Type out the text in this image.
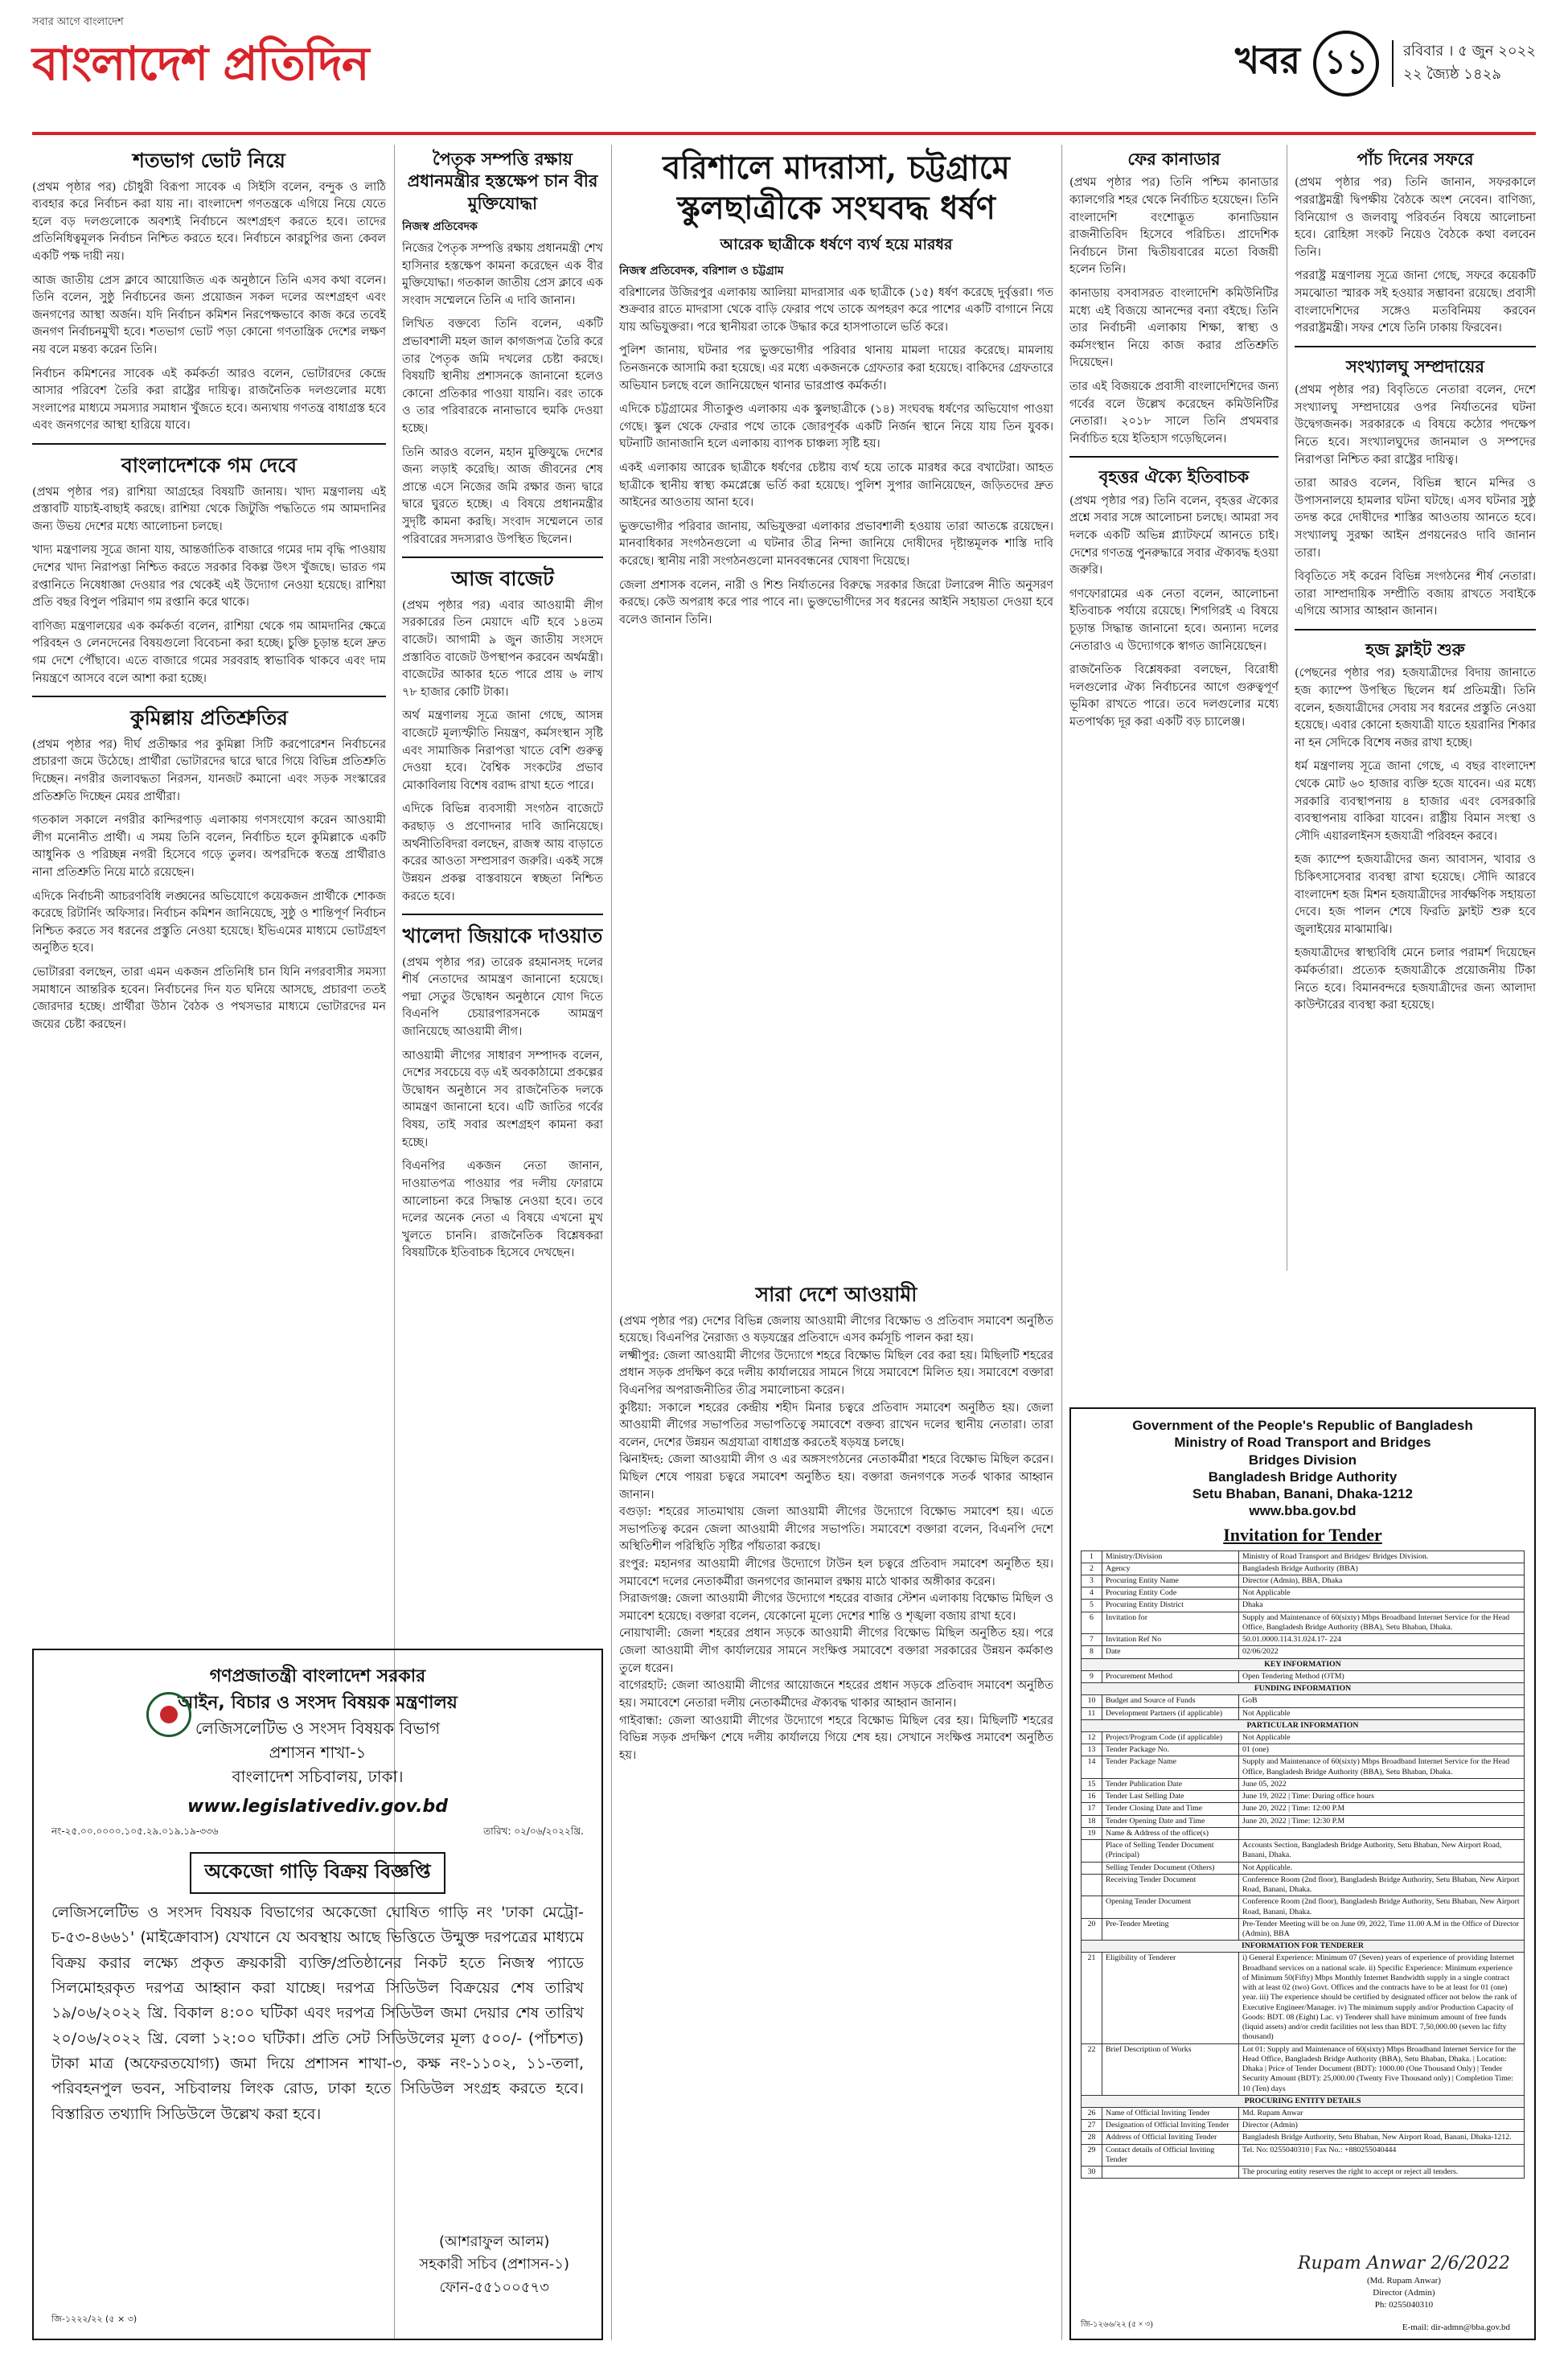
সবার আগে বাংলাদেশ
বাংলাদেশ প্রতিদিন	খবর ১১	রবিবার । ৫ জুন ২০২২
২২ জ্যৈষ্ঠ ১৪২৯
শতভাগ ভোট নিয়ে

(প্রথম পৃষ্ঠার পর) চৌধুরী বিরূপা সাবেক এ সিইসি বলেন, বন্দুক ও লাঠি ব্যবহার করে নির্বাচন করা যায় না। বাংলাদেশ গণতন্ত্রকে এগিয়ে নিয়ে যেতে হলে বড় দলগুলোকে অবশ্যই নির্বাচনে অংশগ্রহণ করতে হবে। তাদের প্রতিনিধিত্বমূলক নির্বাচন নিশ্চিত করতে হবে। নির্বাচনে কারচুপির জন্য কেবল একটি পক্ষ দায়ী নয়।

আজ জাতীয় প্রেস ক্লাবে আয়োজিত এক অনুষ্ঠানে তিনি এসব কথা বলেন। তিনি বলেন, সুষ্ঠু নির্বাচনের জন্য প্রয়োজন সকল দলের অংশগ্রহণ এবং জনগণের আস্থা অর্জন। যদি নির্বাচন কমিশন নিরপেক্ষভাবে কাজ করে তবেই জনগণ নির্বাচনমুখী হবে। শতভাগ ভোট পড়া কোনো গণতান্ত্রিক দেশের লক্ষণ নয় বলে মন্তব্য করেন তিনি।

নির্বাচন কমিশনের সাবেক এই কর্মকর্তা আরও বলেন, ভোটারদের কেন্দ্রে আসার পরিবেশ তৈরি করা রাষ্ট্রের দায়িত্ব। রাজনৈতিক দলগুলোর মধ্যে সংলাপের মাধ্যমে সমস্যার সমাধান খুঁজতে হবে। অন্যথায় গণতন্ত্র বাধাগ্রস্ত হবে এবং জনগণের আস্থা হারিয়ে যাবে।

বাংলাদেশকে গম দেবে

(প্রথম পৃষ্ঠার পর) রাশিয়া আগ্রহের বিষয়টি জানায়। খাদ্য মন্ত্রণালয় এই প্রস্তাবটি যাচাই-বাছাই করছে। রাশিয়া থেকে জিটুজি পদ্ধতিতে গম আমদানির জন্য উভয় দেশের মধ্যে আলোচনা চলছে।

খাদ্য মন্ত্রণালয় সূত্রে জানা যায়, আন্তর্জাতিক বাজারে গমের দাম বৃদ্ধি পাওয়ায় দেশের খাদ্য নিরাপত্তা নিশ্চিত করতে সরকার বিকল্প উৎস খুঁজছে। ভারত গম রপ্তানিতে নিষেধাজ্ঞা দেওয়ার পর থেকেই এই উদ্যোগ নেওয়া হয়েছে। রাশিয়া প্রতি বছর বিপুল পরিমাণ গম রপ্তানি করে থাকে।

বাণিজ্য মন্ত্রণালয়ের এক কর্মকর্তা বলেন, রাশিয়া থেকে গম আমদানির ক্ষেত্রে পরিবহন ও লেনদেনের বিষয়গুলো বিবেচনা করা হচ্ছে। চুক্তি চূড়ান্ত হলে দ্রুত গম দেশে পৌঁছাবে। এতে বাজারে গমের সরবরাহ স্বাভাবিক থাকবে এবং দাম নিয়ন্ত্রণে আসবে বলে আশা করা হচ্ছে।

কুমিল্লায় প্রতিশ্রুতির

(প্রথম পৃষ্ঠার পর) দীর্ঘ প্রতীক্ষার পর কুমিল্লা সিটি করপোরেশন নির্বাচনের প্রচারণা জমে উঠেছে। প্রার্থীরা ভোটারদের দ্বারে দ্বারে গিয়ে বিভিন্ন প্রতিশ্রুতি দিচ্ছেন। নগরীর জলাবদ্ধতা নিরসন, যানজট কমানো এবং সড়ক সংস্কারের প্রতিশ্রুতি দিচ্ছেন মেয়র প্রার্থীরা।

গতকাল সকালে নগরীর কান্দিরপাড় এলাকায় গণসংযোগ করেন আওয়ামী লীগ মনোনীত প্রার্থী। এ সময় তিনি বলেন, নির্বাচিত হলে কুমিল্লাকে একটি আধুনিক ও পরিচ্ছন্ন নগরী হিসেবে গড়ে তুলব। অপরদিকে স্বতন্ত্র প্রার্থীরাও নানা প্রতিশ্রুতি নিয়ে মাঠে রয়েছেন।

এদিকে নির্বাচনী আচরণবিধি লঙ্ঘনের অভিযোগে কয়েকজন প্রার্থীকে শোকজ করেছে রিটার্নিং অফিসার। নির্বাচন কমিশন জানিয়েছে, সুষ্ঠু ও শান্তিপূর্ণ নির্বাচন নিশ্চিত করতে সব ধরনের প্রস্তুতি নেওয়া হয়েছে। ইভিএমের মাধ্যমে ভোটগ্রহণ অনুষ্ঠিত হবে।

ভোটাররা বলছেন, তারা এমন একজন প্রতিনিধি চান যিনি নগরবাসীর সমস্যা সমাধানে আন্তরিক হবেন। নির্বাচনের দিন যত ঘনিয়ে আসছে, প্রচারণা ততই জোরদার হচ্ছে। প্রার্থীরা উঠান বৈঠক ও পথসভার মাধ্যমে ভোটারদের মন জয়ের চেষ্টা করছেন।

পৈতৃক সম্পত্তি রক্ষায় প্রধানমন্ত্রীর হস্তক্ষেপ চান বীর মুক্তিযোদ্ধা
নিজস্ব প্রতিবেদক

নিজের পৈতৃক সম্পত্তি রক্ষায় প্রধানমন্ত্রী শেখ হাসিনার হস্তক্ষেপ কামনা করেছেন এক বীর মুক্তিযোদ্ধা। গতকাল জাতীয় প্রেস ক্লাবে এক সংবাদ সম্মেলনে তিনি এ দাবি জানান।

লিখিত বক্তব্যে তিনি বলেন, একটি প্রভাবশালী মহল জাল কাগজপত্র তৈরি করে তার পৈতৃক জমি দখলের চেষ্টা করছে। বিষয়টি স্থানীয় প্রশাসনকে জানানো হলেও কোনো প্রতিকার পাওয়া যায়নি। বরং তাকে ও তার পরিবারকে নানাভাবে হুমকি দেওয়া হচ্ছে।

তিনি আরও বলেন, মহান মুক্তিযুদ্ধে দেশের জন্য লড়াই করেছি। আজ জীবনের শেষ প্রান্তে এসে নিজের জমি রক্ষার জন্য দ্বারে দ্বারে ঘুরতে হচ্ছে। এ বিষয়ে প্রধানমন্ত্রীর সুদৃষ্টি কামনা করছি। সংবাদ সম্মেলনে তার পরিবারের সদস্যরাও উপস্থিত ছিলেন।

আজ বাজেট

(প্রথম পৃষ্ঠার পর) এবার আওয়ামী লীগ সরকারের তিন মেয়াদে এটি হবে ১৪তম বাজেট। আগামী ৯ জুন জাতীয় সংসদে প্রস্তাবিত বাজেট উপস্থাপন করবেন অর্থমন্ত্রী। বাজেটের আকার হতে পারে প্রায় ৬ লাখ ৭৮ হাজার কোটি টাকা।

অর্থ মন্ত্রণালয় সূত্রে জানা গেছে, আসন্ন বাজেটে মূল্যস্ফীতি নিয়ন্ত্রণ, কর্মসংস্থান সৃষ্টি এবং সামাজিক নিরাপত্তা খাতে বেশি গুরুত্ব দেওয়া হবে। বৈশ্বিক সংকটের প্রভাব মোকাবিলায় বিশেষ বরাদ্দ রাখা হতে পারে।

এদিকে বিভিন্ন ব্যবসায়ী সংগঠন বাজেটে করছাড় ও প্রণোদনার দাবি জানিয়েছে। অর্থনীতিবিদরা বলছেন, রাজস্ব আয় বাড়াতে করের আওতা সম্প্রসারণ জরুরি। একই সঙ্গে উন্নয়ন প্রকল্প বাস্তবায়নে স্বচ্ছতা নিশ্চিত করতে হবে।

খালেদা জিয়াকে দাওয়াত

(প্রথম পৃষ্ঠার পর) তারেক রহমানসহ দলের শীর্ষ নেতাদের আমন্ত্রণ জানানো হয়েছে। পদ্মা সেতুর উদ্বোধন অনুষ্ঠানে যোগ দিতে বিএনপি চেয়ারপারসনকে আমন্ত্রণ জানিয়েছে আওয়ামী লীগ।

আওয়ামী লীগের সাধারণ সম্পাদক বলেন, দেশের সবচেয়ে বড় এই অবকাঠামো প্রকল্পের উদ্বোধন অনুষ্ঠানে সব রাজনৈতিক দলকে আমন্ত্রণ জানানো হবে। এটি জাতির গর্বের বিষয়, তাই সবার অংশগ্রহণ কামনা করা হচ্ছে।

বিএনপির একজন নেতা জানান, দাওয়াতপত্র পাওয়ার পর দলীয় ফোরামে আলোচনা করে সিদ্ধান্ত নেওয়া হবে। তবে দলের অনেক নেতা এ বিষয়ে এখনো মুখ খুলতে চাননি। রাজনৈতিক বিশ্লেষকরা বিষয়টিকে ইতিবাচক হিসেবে দেখছেন।

বরিশালে মাদরাসা, চট্টগ্রামে স্কুলছাত্রীকে সংঘবদ্ধ ধর্ষণ
আরেক ছাত্রীকে ধর্ষণে ব্যর্থ হয়ে মারধর
নিজস্ব প্রতিবেদক, বরিশাল ও চট্টগ্রাম

বরিশালের উজিরপুর এলাকায় আলিয়া মাদরাসার এক ছাত্রীকে (১৫) ধর্ষণ করেছে দুর্বৃত্তরা। গত শুক্রবার রাতে মাদরাসা থেকে বাড়ি ফেরার পথে তাকে অপহরণ করে পাশের একটি বাগানে নিয়ে যায় অভিযুক্তরা। পরে স্থানীয়রা তাকে উদ্ধার করে হাসপাতালে ভর্তি করে।

পুলিশ জানায়, ঘটনার পর ভুক্তভোগীর পরিবার থানায় মামলা দায়ের করেছে। মামলায় তিনজনকে আসামি করা হয়েছে। এর মধ্যে একজনকে গ্রেফতার করা হয়েছে। বাকিদের গ্রেফতারে অভিযান চলছে বলে জানিয়েছেন থানার ভারপ্রাপ্ত কর্মকর্তা।

এদিকে চট্টগ্রামের সীতাকুণ্ড এলাকায় এক স্কুলছাত্রীকে (১৪) সংঘবদ্ধ ধর্ষণের অভিযোগ পাওয়া গেছে। স্কুল থেকে ফেরার পথে তাকে জোরপূর্বক একটি নির্জন স্থানে নিয়ে যায় তিন যুবক। ঘটনাটি জানাজানি হলে এলাকায় ব্যাপক চাঞ্চল্য সৃষ্টি হয়।

একই এলাকায় আরেক ছাত্রীকে ধর্ষণের চেষ্টায় ব্যর্থ হয়ে তাকে মারধর করে বখাটেরা। আহত ছাত্রীকে স্থানীয় স্বাস্থ্য কমপ্লেক্সে ভর্তি করা হয়েছে। পুলিশ সুপার জানিয়েছেন, জড়িতদের দ্রুত আইনের আওতায় আনা হবে।

ভুক্তভোগীর পরিবার জানায়, অভিযুক্তরা এলাকার প্রভাবশালী হওয়ায় তারা আতঙ্কে রয়েছেন। মানবাধিকার সংগঠনগুলো এ ঘটনার তীব্র নিন্দা জানিয়ে দোষীদের দৃষ্টান্তমূলক শাস্তি দাবি করেছে। স্থানীয় নারী সংগঠনগুলো মানববন্ধনের ঘোষণা দিয়েছে।

জেলা প্রশাসক বলেন, নারী ও শিশু নির্যাতনের বিরুদ্ধে সরকার জিরো টলারেন্স নীতি অনুসরণ করছে। কেউ অপরাধ করে পার পাবে না। ভুক্তভোগীদের সব ধরনের আইনি সহায়তা দেওয়া হবে বলেও জানান তিনি।

ফের কানাডার

(প্রথম পৃষ্ঠার পর) তিনি পশ্চিম কানাডার ক্যালগেরি শহর থেকে নির্বাচিত হয়েছেন। তিনি বাংলাদেশি বংশোদ্ভূত কানাডিয়ান রাজনীতিবিদ হিসেবে পরিচিত। প্রাদেশিক নির্বাচনে টানা দ্বিতীয়বারের মতো বিজয়ী হলেন তিনি।

কানাডায় বসবাসরত বাংলাদেশি কমিউনিটির মধ্যে এই বিজয়ে আনন্দের বন্যা বইছে। তিনি তার নির্বাচনী এলাকায় শিক্ষা, স্বাস্থ্য ও কর্মসংস্থান নিয়ে কাজ করার প্রতিশ্রুতি দিয়েছেন।

তার এই বিজয়কে প্রবাসী বাংলাদেশিদের জন্য গর্বের বলে উল্লেখ করেছেন কমিউনিটির নেতারা। ২০১৮ সালে তিনি প্রথমবার নির্বাচিত হয়ে ইতিহাস গড়েছিলেন।

বৃহত্তর ঐক্যে ইতিবাচক

(প্রথম পৃষ্ঠার পর) তিনি বলেন, বৃহত্তর ঐক্যের প্রশ্নে সবার সঙ্গে আলোচনা চলছে। আমরা সব দলকে একটি অভিন্ন প্ল্যাটফর্মে আনতে চাই। দেশের গণতন্ত্র পুনরুদ্ধারে সবার ঐক্যবদ্ধ হওয়া জরুরি।

গণফোরামের এক নেতা বলেন, আলোচনা ইতিবাচক পর্যায়ে রয়েছে। শিগগিরই এ বিষয়ে চূড়ান্ত সিদ্ধান্ত জানানো হবে। অন্যান্য দলের নেতারাও এ উদ্যোগকে স্বাগত জানিয়েছেন।

রাজনৈতিক বিশ্লেষকরা বলছেন, বিরোধী দলগুলোর ঐক্য নির্বাচনের আগে গুরুত্বপূর্ণ ভূমিকা রাখতে পারে। তবে দলগুলোর মধ্যে মতপার্থক্য দূর করা একটি বড় চ্যালেঞ্জ।

পাঁচ দিনের সফরে

(প্রথম পৃষ্ঠার পর) তিনি জানান, সফরকালে পররাষ্ট্রমন্ত্রী দ্বিপক্ষীয় বৈঠকে অংশ নেবেন। বাণিজ্য, বিনিয়োগ ও জলবায়ু পরিবর্তন বিষয়ে আলোচনা হবে। রোহিঙ্গা সংকট নিয়েও বৈঠকে কথা বলবেন তিনি।

পররাষ্ট্র মন্ত্রণালয় সূত্রে জানা গেছে, সফরে কয়েকটি সমঝোতা স্মারক সই হওয়ার সম্ভাবনা রয়েছে। প্রবাসী বাংলাদেশিদের সঙ্গেও মতবিনিময় করবেন পররাষ্ট্রমন্ত্রী। সফর শেষে তিনি ঢাকায় ফিরবেন।

সংখ্যালঘু সম্প্রদায়ের

(প্রথম পৃষ্ঠার পর) বিবৃতিতে নেতারা বলেন, দেশে সংখ্যালঘু সম্প্রদায়ের ওপর নির্যাতনের ঘটনা উদ্বেগজনক। সরকারকে এ বিষয়ে কঠোর পদক্ষেপ নিতে হবে। সংখ্যালঘুদের জানমাল ও সম্পদের নিরাপত্তা নিশ্চিত করা রাষ্ট্রের দায়িত্ব।

তারা আরও বলেন, বিভিন্ন স্থানে মন্দির ও উপাসনালয়ে হামলার ঘটনা ঘটছে। এসব ঘটনার সুষ্ঠু তদন্ত করে দোষীদের শাস্তির আওতায় আনতে হবে। সংখ্যালঘু সুরক্ষা আইন প্রণয়নেরও দাবি জানান তারা।

বিবৃতিতে সই করেন বিভিন্ন সংগঠনের শীর্ষ নেতারা। তারা সাম্প্রদায়িক সম্প্রীতি বজায় রাখতে সবাইকে এগিয়ে আসার আহ্বান জানান।

হজ ফ্লাইট শুরু

(পেছনের পৃষ্ঠার পর) হজযাত্রীদের বিদায় জানাতে হজ ক্যাম্পে উপস্থিত ছিলেন ধর্ম প্রতিমন্ত্রী। তিনি বলেন, হজযাত্রীদের সেবায় সব ধরনের প্রস্তুতি নেওয়া হয়েছে। এবার কোনো হজযাত্রী যাতে হয়রানির শিকার না হন সেদিকে বিশেষ নজর রাখা হচ্ছে।

ধর্ম মন্ত্রণালয় সূত্রে জানা গেছে, এ বছর বাংলাদেশ থেকে মোট ৬০ হাজার ব্যক্তি হজে যাবেন। এর মধ্যে সরকারি ব্যবস্থাপনায় ৪ হাজার এবং বেসরকারি ব্যবস্থাপনায় বাকিরা যাবেন। রাষ্ট্রীয় বিমান সংস্থা ও সৌদি এয়ারলাইনস হজযাত্রী পরিবহন করবে।

হজ ক্যাম্পে হজযাত্রীদের জন্য আবাসন, খাবার ও চিকিৎসাসেবার ব্যবস্থা রাখা হয়েছে। সৌদি আরবে বাংলাদেশ হজ মিশন হজযাত্রীদের সার্বক্ষণিক সহায়তা দেবে। হজ পালন শেষে ফিরতি ফ্লাইট শুরু হবে জুলাইয়ের মাঝামাঝি।

হজযাত্রীদের স্বাস্থ্যবিধি মেনে চলার পরামর্শ দিয়েছেন কর্মকর্তারা। প্রত্যেক হজযাত্রীকে প্রয়োজনীয় টিকা নিতে হবে। বিমানবন্দরে হজযাত্রীদের জন্য আলাদা কাউন্টারের ব্যবস্থা করা হয়েছে।

সারা দেশে আওয়ামী

(প্রথম পৃষ্ঠার পর) দেশের বিভিন্ন জেলায় আওয়ামী লীগের বিক্ষোভ ও প্রতিবাদ সমাবেশ অনুষ্ঠিত হয়েছে। বিএনপির নৈরাজ্য ও ষড়যন্ত্রের প্রতিবাদে এসব কর্মসূচি পালন করা হয়।

লক্ষ্মীপুর: জেলা আওয়ামী লীগের উদ্যোগে শহরে বিক্ষোভ মিছিল বের করা হয়। মিছিলটি শহরের প্রধান সড়ক প্রদক্ষিণ করে দলীয় কার্যালয়ের সামনে গিয়ে সমাবেশে মিলিত হয়। সমাবেশে বক্তারা বিএনপির অপরাজনীতির তীব্র সমালোচনা করেন।

কুষ্টিয়া: সকালে শহরের কেন্দ্রীয় শহীদ মিনার চত্বরে প্রতিবাদ সমাবেশ অনুষ্ঠিত হয়। জেলা আওয়ামী লীগের সভাপতির সভাপতিত্বে সমাবেশে বক্তব্য রাখেন দলের স্থানীয় নেতারা। তারা বলেন, দেশের উন্নয়ন অগ্রযাত্রা বাধাগ্রস্ত করতেই ষড়যন্ত্র চলছে।

ঝিনাইদহ: জেলা আওয়ামী লীগ ও এর অঙ্গসংগঠনের নেতাকর্মীরা শহরে বিক্ষোভ মিছিল করেন। মিছিল শেষে পায়রা চত্বরে সমাবেশ অনুষ্ঠিত হয়। বক্তারা জনগণকে সতর্ক থাকার আহ্বান জানান।

বগুড়া: শহরের সাতমাথায় জেলা আওয়ামী লীগের উদ্যোগে বিক্ষোভ সমাবেশ হয়। এতে সভাপতিত্ব করেন জেলা আওয়ামী লীগের সভাপতি। সমাবেশে বক্তারা বলেন, বিএনপি দেশে অস্থিতিশীল পরিস্থিতি সৃষ্টির পাঁয়তারা করছে।

রংপুর: মহানগর আওয়ামী লীগের উদ্যোগে টাউন হল চত্বরে প্রতিবাদ সমাবেশ অনুষ্ঠিত হয়। সমাবেশে দলের নেতাকর্মীরা জনগণের জানমাল রক্ষায় মাঠে থাকার অঙ্গীকার করেন।

সিরাজগঞ্জ: জেলা আওয়ামী লীগের উদ্যোগে শহরের বাজার স্টেশন এলাকায় বিক্ষোভ মিছিল ও সমাবেশ হয়েছে। বক্তারা বলেন, যেকোনো মূল্যে দেশের শান্তি ও শৃঙ্খলা বজায় রাখা হবে।

নোয়াখালী: জেলা শহরের প্রধান সড়কে আওয়ামী লীগের বিক্ষোভ মিছিল অনুষ্ঠিত হয়। পরে জেলা আওয়ামী লীগ কার্যালয়ের সামনে সংক্ষিপ্ত সমাবেশে বক্তারা সরকারের উন্নয়ন কর্মকাণ্ড তুলে ধরেন।

বাগেরহাট: জেলা আওয়ামী লীগের আয়োজনে শহরের প্রধান সড়কে প্রতিবাদ সমাবেশ অনুষ্ঠিত হয়। সমাবেশে নেতারা দলীয় নেতাকর্মীদের ঐক্যবদ্ধ থাকার আহ্বান জানান।

গাইবান্ধা: জেলা আওয়ামী লীগের উদ্যোগে শহরে বিক্ষোভ মিছিল বের হয়। মিছিলটি শহরের বিভিন্ন সড়ক প্রদক্ষিণ শেষে দলীয় কার্যালয়ে গিয়ে শেষ হয়। সেখানে সংক্ষিপ্ত সমাবেশ অনুষ্ঠিত হয়।

গণপ্রজাতন্ত্রী বাংলাদেশ সরকার
আইন, বিচার ও সংসদ বিষয়ক মন্ত্রণালয়
লেজিসলেটিভ ও সংসদ বিষয়ক বিভাগ
প্রশাসন শাখা-১
বাংলাদেশ সচিবালয়, ঢাকা।
www.legislativediv.gov.bd
নং-২৫.০০.০০০০.১০৫.২৯.০১৯.১৯-৩৩৬	তারিখ: ০২/০৬/২০২২খ্রি.
অকেজো গাড়ি বিক্রয় বিজ্ঞপ্তি
লেজিসলেটিভ ও সংসদ বিষয়ক বিভাগের অকেজো ঘোষিত গাড়ি নং 'ঢাকা মেট্রো-চ-৫৩-৪৬৬১' (মাইক্রোবাস) যেখানে যে অবস্থায় আছে ভিত্তিতে উন্মুক্ত দরপত্রের মাধ্যমে বিক্রয় করার লক্ষ্যে প্রকৃত ক্রয়কারী ব্যক্তি/প্রতিষ্ঠানের নিকট হতে নিজস্ব প্যাডে সিলমোহরকৃত দরপত্র আহ্বান করা যাচ্ছে। দরপত্র সিডিউল বিক্রয়ের শেষ তারিখ ১৯/০৬/২০২২ খ্রি. বিকাল ৪:০০ ঘটিকা এবং দরপত্র সিডিউল জমা দেয়ার শেষ তারিখ ২০/০৬/২০২২ খ্রি. বেলা ১২:০০ ঘটিকা। প্রতি সেট সিডিউলের মূল্য ৫০০/- (পাঁচশত) টাকা মাত্র (অফেরতযোগ্য) জমা দিয়ে প্রশাসন শাখা-৩, কক্ষ নং-১১০২, ১১-তলা, পরিবহনপুল ভবন, সচিবালয় লিংক রোড, ঢাকা হতে সিডিউল সংগ্রহ করতে হবে। বিস্তারিত তথ্যাদি সিডিউলে উল্লেখ করা হবে।
(আশরাফুল আলম)
সহকারী সচিব (প্রশাসন-১)
ফোন-৫৫১০০৫৭৩
জি-১২২২/২২ (৫ × ৩)
Government of the People's Republic of Bangladesh
Ministry of Road Transport and Bridges
Bridges Division
Bangladesh Bridge Authority
Setu Bhaban, Banani, Dhaka-1212
www.bba.gov.bd
Invitation for Tender
1	Ministry/Division	Ministry of Road Transport and Bridges/ Bridges Division.
2	Agency	Bangladesh Bridge Authority (BBA)
3	Procuring Entity Name	Director (Admin), BBA, Dhaka
4	Procuring Entity Code	Not Applicable
5	Procuring Entity District	Dhaka
6	Invitation for	Supply and Maintenance of 60(sixty) Mbps Broadband Internet Service for the Head Office, Bangladesh Bridge Authority (BBA), Setu Bhaban, Dhaka.
7	Invitation Ref No	50.01.0000.114.31.024.17- 224
8	Date	02/06/2022
KEY INFORMATION		
9	Procurement Method	Open Tendering Method (OTM)
FUNDING INFORMATION		
10	Budget and Source of Funds	GoB
11	Development Partners (if applicable)	Not Applicable
PARTICULAR INFORMATION		
12	Project/Program Code (if applicable)	Not Applicable
13	Tender Package No.	01 (one)
14	Tender Package Name	Supply and Maintenance of 60(sixty) Mbps Broadband Internet Service for the Head Office, Bangladesh Bridge Authority (BBA), Setu Bhaban, Dhaka.
15	Tender Publication Date	June 05, 2022
16	Tender Last Selling Date	June 19, 2022 | Time: During office hours
17	Tender Closing Date and Time	June 20, 2022 | Time: 12:00 P.M
18	Tender Opening Date and Time	June 20, 2022 | Time: 12:30 P.M
19	Name & Address of the office(s)	
	Place of Selling Tender Document (Principal)	Accounts Section, Bangladesh Bridge Authority, Setu Bhaban, New Airport Road, Banani, Dhaka.
	Selling Tender Document (Others)	Not Applicable.
	Receiving Tender Document	Conference Room (2nd floor), Bangladesh Bridge Authority, Setu Bhaban, New Airport Road, Banani, Dhaka.
	Opening Tender Document	Conference Room (2nd floor), Bangladesh Bridge Authority, Setu Bhaban, New Airport Road, Banani, Dhaka.
20	Pre-Tender Meeting	Pre-Tender Meeting will be on June 09, 2022, Time 11.00 A.M in the Office of Director (Admin), BBA
INFORMATION FOR TENDERER		
21	Eligibility of Tenderer	i) General Experience: Minimum 07 (Seven) years of experience of providing Internet Broadband services on a national scale. ii) Specific Experience: Minimum experience of Minimum 50(Fifty) Mbps Monthly Internet Bandwidth supply in a single contract with at least 02 (two) Govt. Offices and the contracts have to be at least for 01 (one) year. iii) The experience should be certified by designated officer not below the rank of Executive Engineer/Manager. iv) The minimum supply and/or Production Capacity of Goods: BDT. 08 (Eight) Lac. v) Tenderer shall have minimum amount of free funds (liquid assets) and/or credit facilities not less than BDT. 7,50,000.00 (seven lac fifty thousand)
22	Brief Description of Works	Lot 01: Supply and Maintenance of 60(sixty) Mbps Broadband Internet Service for the Head Office, Bangladesh Bridge Authority (BBA), Setu Bhaban, Dhaka. | Location: Dhaka | Price of Tender Document (BDT): 1000.00 (One Thousand Only) | Tender Security Amount (BDT): 25,000.00 (Twenty Five Thousand only) | Completion Time: 10 (Ten) days
PROCURING ENTITY DETAILS		
26	Name of Official Inviting Tender	Md. Rupam Anwar
27	Designation of Official Inviting Tender	Director (Admin)
28	Address of Official Inviting Tender	Bangladesh Bridge Authority, Setu Bhaban, New Airport Road, Banani, Dhaka-1212.
29	Contact details of Official Inviting Tender	Tel. No: 0255040310 | Fax No.: +880255040444
30		The procuring entity reserves the right to accept or reject all tenders.
Rupam Anwar 2/6/2022
(Md. Rupam Anwar)
Director (Admin)
Ph: 0255040310
জি-১২৬৬/২২ (৫ × ৩)	E-mail: dir-admn@bba.gov.bd
